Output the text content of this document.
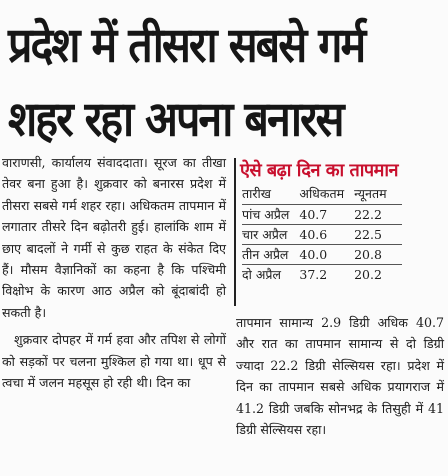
प्रदेश में तीसरा सबसे गर्म
शहर रहा अपना बनारस

वाराणसी, कार्यालय संवाददाता। सूरज का तीखा तेवर बना हुआ है। शुक्रवार को बनारस प्रदेश में तीसरा सबसे गर्म शहर रहा। अधिकतम तापमान में लगातार तीसरे दिन बढ़ोतरी हुई। हालांकि शाम में छाए बादलों ने गर्मी से कुछ राहत के संकेत दिए हैं। मौसम वैज्ञानिकों का कहना है कि पश्चिमी विक्षोभ के कारण आठ अप्रैल को बूंदाबांदी हो सकती है।

शुक्रवार दोपहर में गर्म हवा और तपिश से लोगों को सड़कों पर चलना मुश्किल हो गया था। धूप से त्वचा में जलन महसूस हो रही थी। दिन का

ऐसे बढ़ा दिन का तापमान
तारीख	अधिकतम	न्यूनतम
पांच अप्रैल	40.7	22.2
चार अप्रैल	40.6	22.5
तीन अप्रैल	40.0	20.8
दो अप्रैल	37.2	20.2

तापमान सामान्य 2.9 डिग्री अधिक 40.7 और रात का तापमान सामान्य से दो डिग्री ज्यादा 22.2 डिग्री सेल्सियस रहा। प्रदेश में दिन का तापमान सबसे अधिक प्रयागराज में 41.2 डिग्री जबकि सोनभद्र के तिसुही में 41 डिग्री सेल्सियस रहा।
